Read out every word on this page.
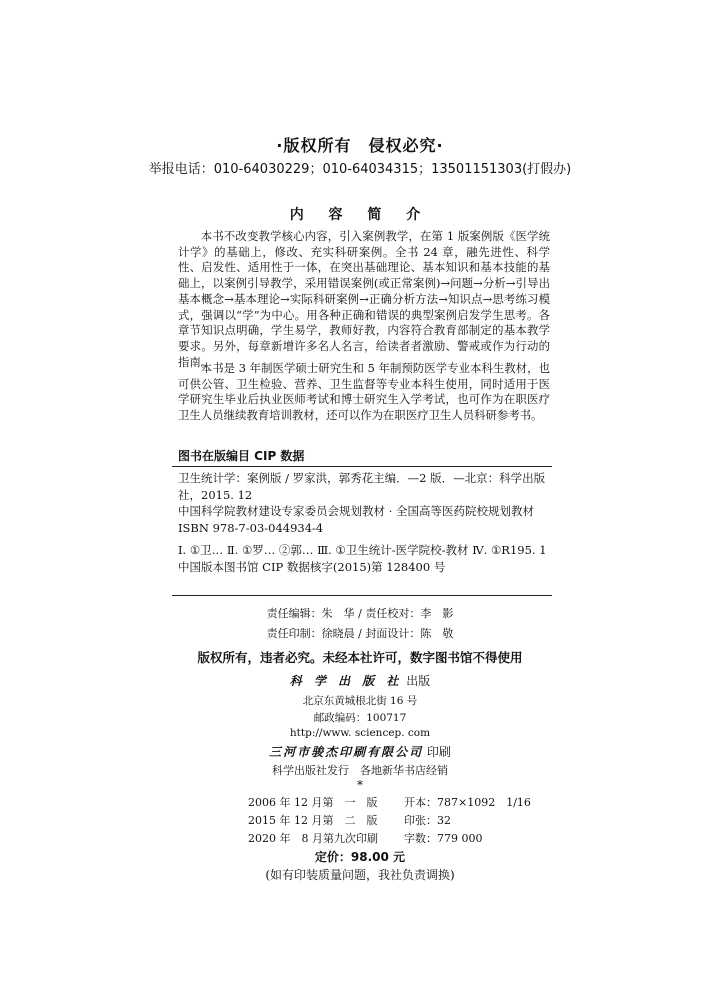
·版权所有　侵权必究·
举报电话：010-64030229；010-64034315；13501151303(打假办)
内 容 简 介

本书不改变教学核心内容，引入案例教学，在第 1 版案例版《医学统计学》的基础上，修改、充实科研案例。全书 24 章，融先进性、科学性、启发性、适用性于一体，在突出基础理论、基本知识和基本技能的基础上，以案例引导教学，采用错误案例(或正常案例)→问题→分析→引导出基本概念→基本理论→实际科研案例→正确分析方法→知识点→思考练习模式，强调以“学”为中心。用各种正确和错误的典型案例启发学生思考。各章节知识点明确，学生易学，教师好教，内容符合教育部制定的基本教学要求。另外，每章新增许多名人名言，给读者者激励、警戒或作为行动的指南。

本书是 3 年制医学硕士研究生和 5 年制预防医学专业本科生教材，也可供公管、卫生检验、营养、卫生监督等专业本科生使用，同时适用于医学研究生毕业后执业医师考试和博士研究生入学考试，也可作为在职医疗卫生人员继续教育培训教材，还可以作为在职医疗卫生人员科研参考书。

图书在版编目 CIP 数据

卫生统计学：案例版 / 罗家洪，郭秀花主编．—2 版．—北京：科学出版社，2015. 12

中国科学院教材建设专家委员会规划教材 · 全国高等医药院校规划教材

ISBN 978-7-03-044934-4

Ⅰ. ①卫… Ⅱ. ①罗… ②郭… Ⅲ. ①卫生统计-医学院校-教材 Ⅳ. ①R195. 1

中国版本图书馆 CIP 数据核字(2015)第 128400 号

责任编辑：朱　华 / 责任校对：李　影
责任印制：徐晓晨 / 封面设计：陈　敬
版权所有，违者必究。未经本社许可，数字图书馆不得使用
科 学 出 版 社 出版
北京东黄城根北街 16 号
邮政编码：100717
http://www. sciencep. com
三河市骏杰印刷有限公司 印刷
科学出版社发行　各地新华书店经销
*
2006 年 12 月第　一　版	开本：787×1092　1/16
2015 年 12 月第　二　版	印张：32
2020 年　8 月第九次印刷	字数：779 000
定价：98.00 元
(如有印装质量问题，我社负责调换)
